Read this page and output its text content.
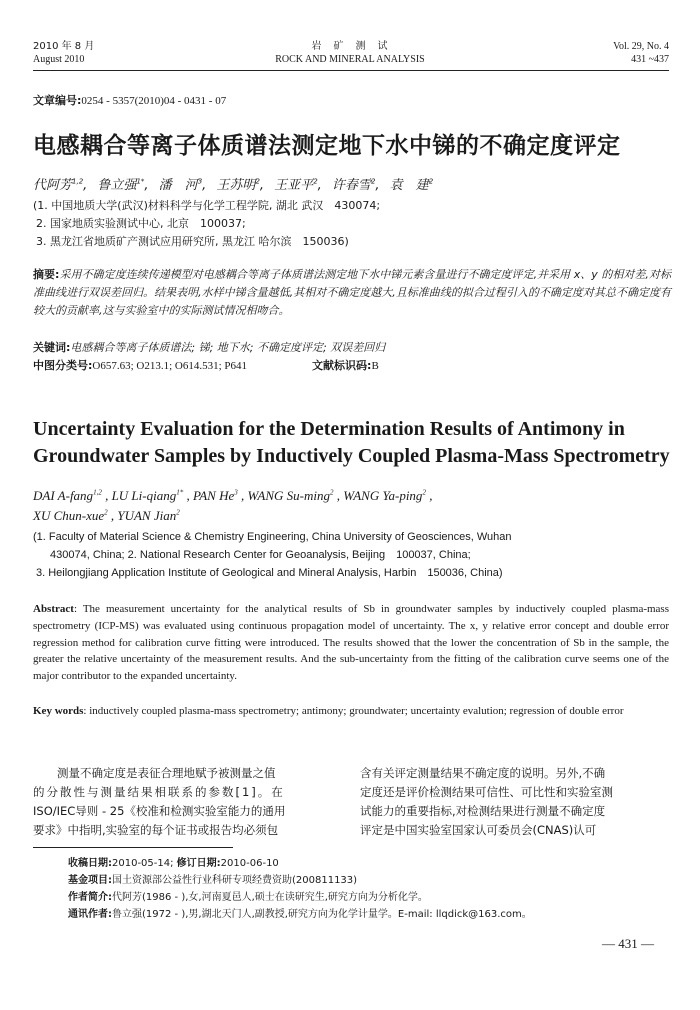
2010 年 8 月
August 2010
岩　矿　测　试
ROCK AND MINERAL ANALYSIS
Vol. 29, No. 4
431 ~437
文章编号:0254 - 5357(2010)04 - 0431 - 07
电感耦合等离子体质谱法测定地下水中锑的不确定度评定
代阿芳$^{1,2}$, 鲁立强$^{1*}$, 潘　河$^3$, 王苏明$^2$, 王亚平$^2$, 许春雪$^2$, 袁　建$^2$
(1. 中国地质大学(武汉)材料科学与化学工程学院, 湖北 武汉　430074;
2. 国家地质实验测试中心, 北京　100037;
3. 黑龙江省地质矿产测试应用研究所, 黑龙江 哈尔滨　150036)
摘要:采用不确定度连续传递模型对电感耦合等离子体质谱法测定地下水中锑元素含量进行不确定度评定,并采用 x、y 的相对差,对标准曲线进行双误差回归。结果表明,水样中锑含量越低,其相对不确定度越大,且标准曲线的拟合过程引入的不确定度对其总不确定度有较大的贡献率,这与实验室中的实际测试情况相吻合。
关键词:电感耦合等离子体质谱法; 锑; 地下水; 不确定度评定; 双误差回归
中图分类号:O657.63; O213.1; O614.531; P641	文献标识码:B
Uncertainty Evaluation for the Determination Results of Antimony in
Groundwater Samples by Inductively Coupled Plasma-Mass Spectrometry
DAI A-fang$^{1,2}$ , LU Li-qiang$^{1*}$ , PAN He$^3$ , WANG Su-ming$^2$ , WANG Ya-ping$^2$ ,
XU Chun-xue$^2$ , YUAN Jian$^2$
(1. Faculty of Material Science & Chemistry Engineering, China University of Geosciences, Wuhan
430074, China; 2. National Research Center for Geoanalysis, Beijing　100037, China;
3. Heilongjiang Application Institute of Geological and Mineral Analysis, Harbin　150036, China)
Abstract: The measurement uncertainty for the analytical results of Sb in groundwater samples by inductively coupled plasma-mass spectrometry (ICP-MS) was evaluated using continuous propagation model of uncertainty. The x, y relative error concept and double error regression method for calibration curve fitting were introduced. The results showed that the lower the concentration of Sb in the sample, the greater the relative uncertainty of the measurement results. And the sub-uncertainty from the fitting of the calibration curve seems one of the major contributor to the expanded uncertainty.
Key words: inductively coupled plasma-mass spectrometry; antimony; groundwater; uncertainty evalution; regression of double error
测量不确定度是表征合理地赋予被测量之值
的分散性与测量结果相联系的参数[1]。在
ISO/IEC导则 - 25《校准和检测实验室能力的通用
要求》中指明,实验室的每个证书或报告均必须包
含有关评定测量结果不确定度的说明。另外,不确
定度还是评价检测结果可信性、可比性和实验室测
试能力的重要指标,对检测结果进行测量不确定度
评定是中国实验室国家认可委员会(CNAS)认可
收稿日期:2010-05-14; 修订日期:2010-06-10
基金项目:国土资源部公益性行业科研专项经费资助(200811133)
作者简介:代阿芳(1986 - ),女,河南夏邑人,硕士在读研究生,研究方向为分析化学。
通讯作者:鲁立强(1972 - ),男,湖北天门人,副教授,研究方向为化学计量学。E-mail: llqdick@163.com。
— 431 —
